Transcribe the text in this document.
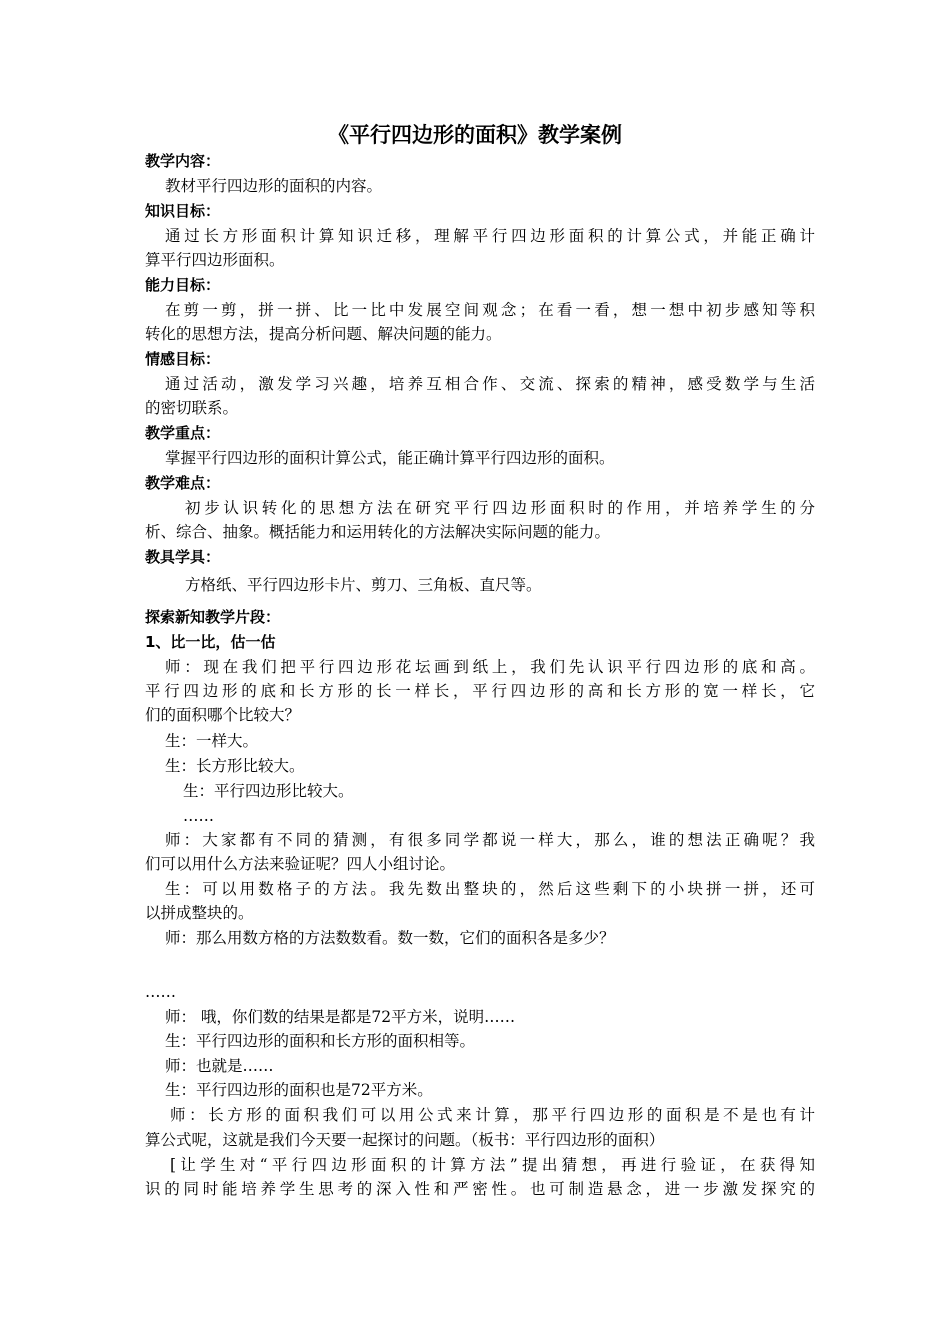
《平行四边形的面积》教学案例
教学内容：
教材平行四边形的面积的内容。
知识目标：
通过长方形面积计算知识迁移，理解平行四边形面积的计算公式，并能正确计
算平行四边形面积。
能力目标：
在剪一剪，拼一拼、比一比中发展空间观念；在看一看，想一想中初步感知等积
转化的思想方法，提高分析问题、解决问题的能力。
情感目标：
通过活动，激发学习兴趣，培养互相合作、交流、探索的精神，感受数学与生活
的密切联系。
教学重点：
掌握平行四边形的面积计算公式，能正确计算平行四边形的面积。
教学难点：
初步认识转化的思想方法在研究平行四边形面积时的作用，并培养学生的分
析、综合、抽象。概括能力和运用转化的方法解决实际问题的能力。
教具学具：
方格纸、平行四边形卡片、剪刀、三角板、直尺等。
探索新知教学片段：
1、比一比，估一估
师：现在我们把平行四边形花坛画到纸上，我们先认识平行四边形的底和高。
平行四边形的底和长方形的长一样长，平行四边形的高和长方形的宽一样长，它
们的面积哪个比较大？
生：一样大。
生：长方形比较大。
生：平行四边形比较大。
……
师：大家都有不同的猜测，有很多同学都说一样大，那么，谁的想法正确呢？我
们可以用什么方法来验证呢？四人小组讨论。
生：可以用数格子的方法。我先数出整块的，然后这些剩下的小块拼一拼，还可
以拼成整块的。
师：那么用数方格的方法数数看。数一数，它们的面积各是多少？
……
师： 哦，你们数的结果是都是72平方米，说明……
生：平行四边形的面积和长方形的面积相等。
师：也就是……
生：平行四边形的面积也是72平方米。
师：长方形的面积我们可以用公式来计算，那平行四边形的面积是不是也有计
算公式呢，这就是我们今天要一起探讨的问题。（板书：平行四边形的面积）
[让学生对“平行四边形面积的计算方法”提出猜想，再进行验证，在获得知
识的同时能培养学生思考的深入性和严密性。也可制造悬念，进一步激发探究的
